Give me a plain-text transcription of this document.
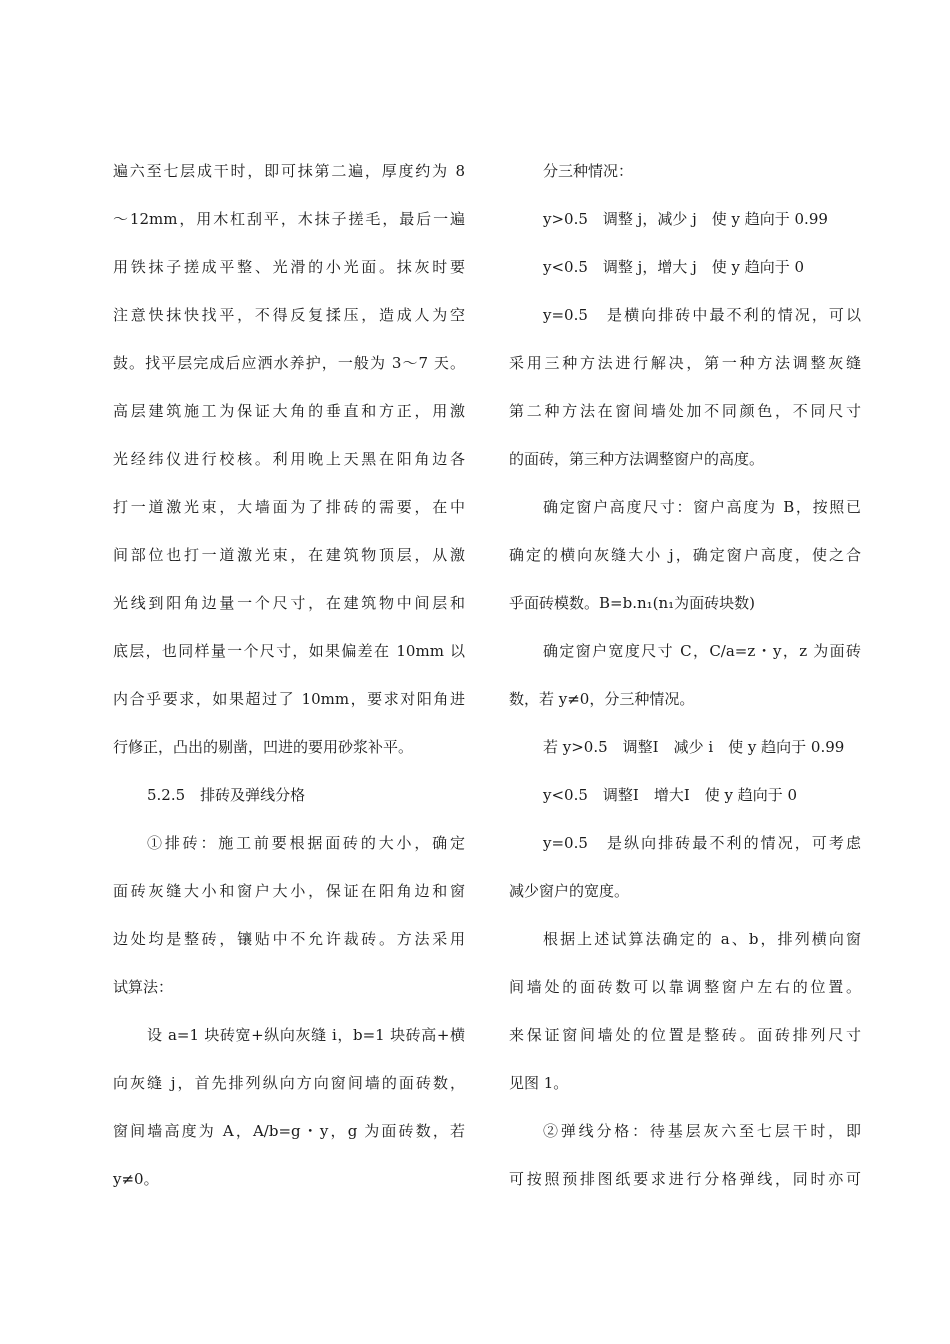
遍六至七层成干时，即可抹第二遍，厚度约为 8
～12mm，用木杠刮平，木抹子搓毛，最后一遍
用铁抹子搓成平整、光滑的小光面。抹灰时要
注意快抹快找平，不得反复揉压，造成人为空
鼓。找平层完成后应洒水养护，一般为 3～7 天。
高层建筑施工为保证大角的垂直和方正，用激
光经纬仪进行校核。利用晚上天黑在阳角边各
打一道激光束，大墙面为了排砖的需要，在中
间部位也打一道激光束，在建筑物顶层，从激
光线到阳角边量一个尺寸，在建筑物中间层和
底层，也同样量一个尺寸，如果偏差在 10mm 以
内合乎要求，如果超过了 10mm，要求对阳角进
行修正，凸出的剔凿，凹进的要用砂浆补平。
5.2.5　排砖及弹线分格
①排砖：施工前要根据面砖的大小，确定
面砖灰缝大小和窗户大小，保证在阳角边和窗
边处均是整砖，镶贴中不允许裁砖。方法采用
试算法：
设 a=1 块砖宽+纵向灰缝 i，b=1 块砖高+横
向灰缝 j，首先排列纵向方向窗间墙的面砖数，
窗间墙高度为 A，A/b=g・y，g 为面砖数，若
y≠0。
分三种情况：
y>0.5　调整 j，减少 j　使 y 趋向于 0.99
y<0.5　调整 j，增大 j　使 y 趋向于 0
y=0.5　是横向排砖中最不利的情况，可以
采用三种方法进行解决，第一种方法调整灰缝
第二种方法在窗间墙处加不同颜色，不同尺寸
的面砖，第三种方法调整窗户的高度。
确定窗户高度尺寸：窗户高度为 B，按照已
确定的横向灰缝大小 j，确定窗户高度，使之合
乎面砖模数。B=b.n₁(n₁为面砖块数)
确定窗户宽度尺寸 C，C/a=z・y，z 为面砖
数，若 y≠0，分三种情况。
若 y>0.5　调整Ⅰ　减少 i　使 y 趋向于 0.99
y<0.5　调整Ⅰ　增大Ⅰ　使 y 趋向于 0
y=0.5　是纵向排砖最不利的情况，可考虑
减少窗户的宽度。
根据上述试算法确定的 a、b，排列横向窗
间墙处的面砖数可以靠调整窗户左右的位置。
来保证窗间墙处的位置是整砖。面砖排列尺寸
见图 1。
②弹线分格：待基层灰六至七层干时，即
可按照预排图纸要求进行分格弹线，同时亦可
